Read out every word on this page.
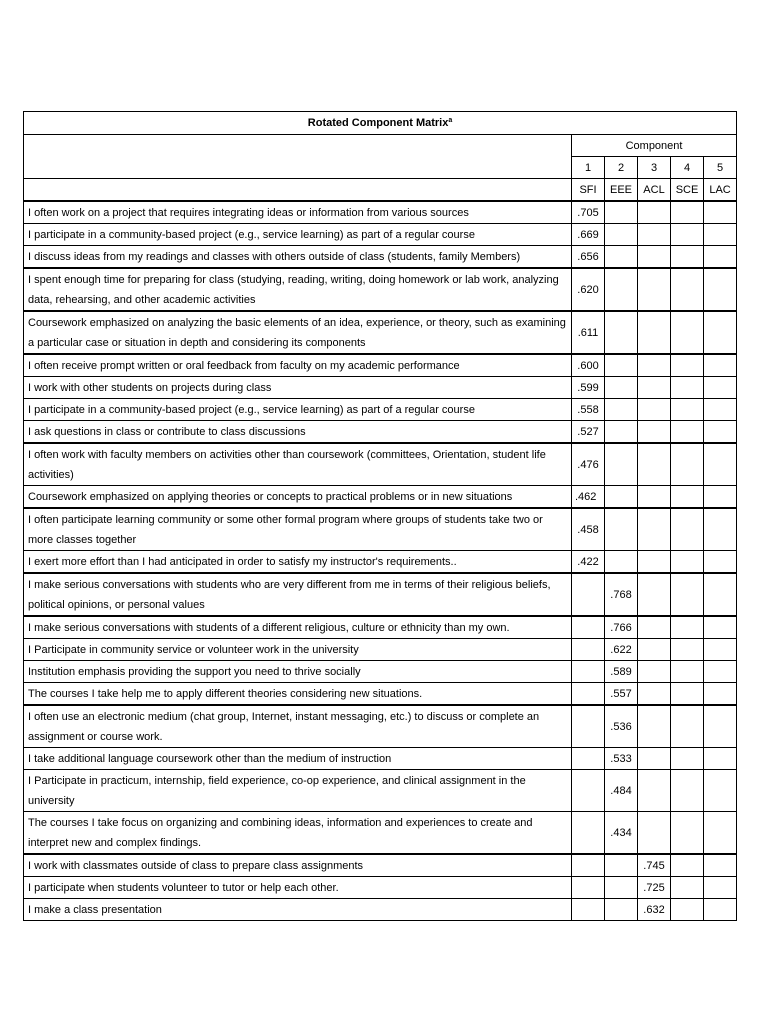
Rotated Component Matrix$^a$
	Component				
	1	2	3	4	5
	SFI	EEE	ACL	SCE	LAC
I often work on a project that requires integrating ideas or information from various sources	.705				
I participate in a community-based project (e.g., service learning) as part of a regular course	.669				
I discuss ideas from my readings and classes with others outside of class (students, family Members)	.656				
I spent enough time for preparing for class (studying, reading, writing, doing homework or lab work, analyzing data, rehearsing, and other academic activities	.620				
Coursework emphasized on analyzing the basic elements of an idea, experience, or theory, such as examining a particular case or situation in depth and considering its components	.611				
I often receive prompt written or oral feedback from faculty on my academic performance	.600				
I work with other students on projects during class	.599				
I participate in a community-based project (e.g., service learning) as part of a regular course	.558				
I ask questions in class or contribute to class discussions	.527				
I often work with faculty members on activities other than coursework (committees, Orientation, student life activities)	.476				
Coursework emphasized on applying theories or concepts to practical problems or in new situations	.462				
I often participate learning community or some other formal program where groups of students take two or more classes together	.458				
I exert more effort than I had anticipated in order to satisfy my instructor's requirements..	.422				
I make serious conversations with students who are very different from me in terms of their religious beliefs, political opinions, or personal values		.768			
I make serious conversations with students of a different religious, culture or ethnicity than my own.		.766			
I Participate in community service or volunteer work in the university		.622			
Institution emphasis providing the support you need to thrive socially		.589			
The courses I take help me to apply different theories considering new situations.		.557			
I often use an electronic medium (chat group, Internet, instant messaging, etc.) to discuss or complete an assignment or course work.		.536			
I take additional language coursework other than the medium of instruction		.533			
I Participate in practicum, internship, field experience, co-op experience, and clinical assignment in the university		.484			
The courses I take focus on organizing and combining ideas, information and experiences to create and interpret new and complex findings.		.434			
I work with classmates outside of class to prepare class assignments			.745		
I participate when students volunteer to tutor or help each other.			.725		
I make a class presentation			.632		
